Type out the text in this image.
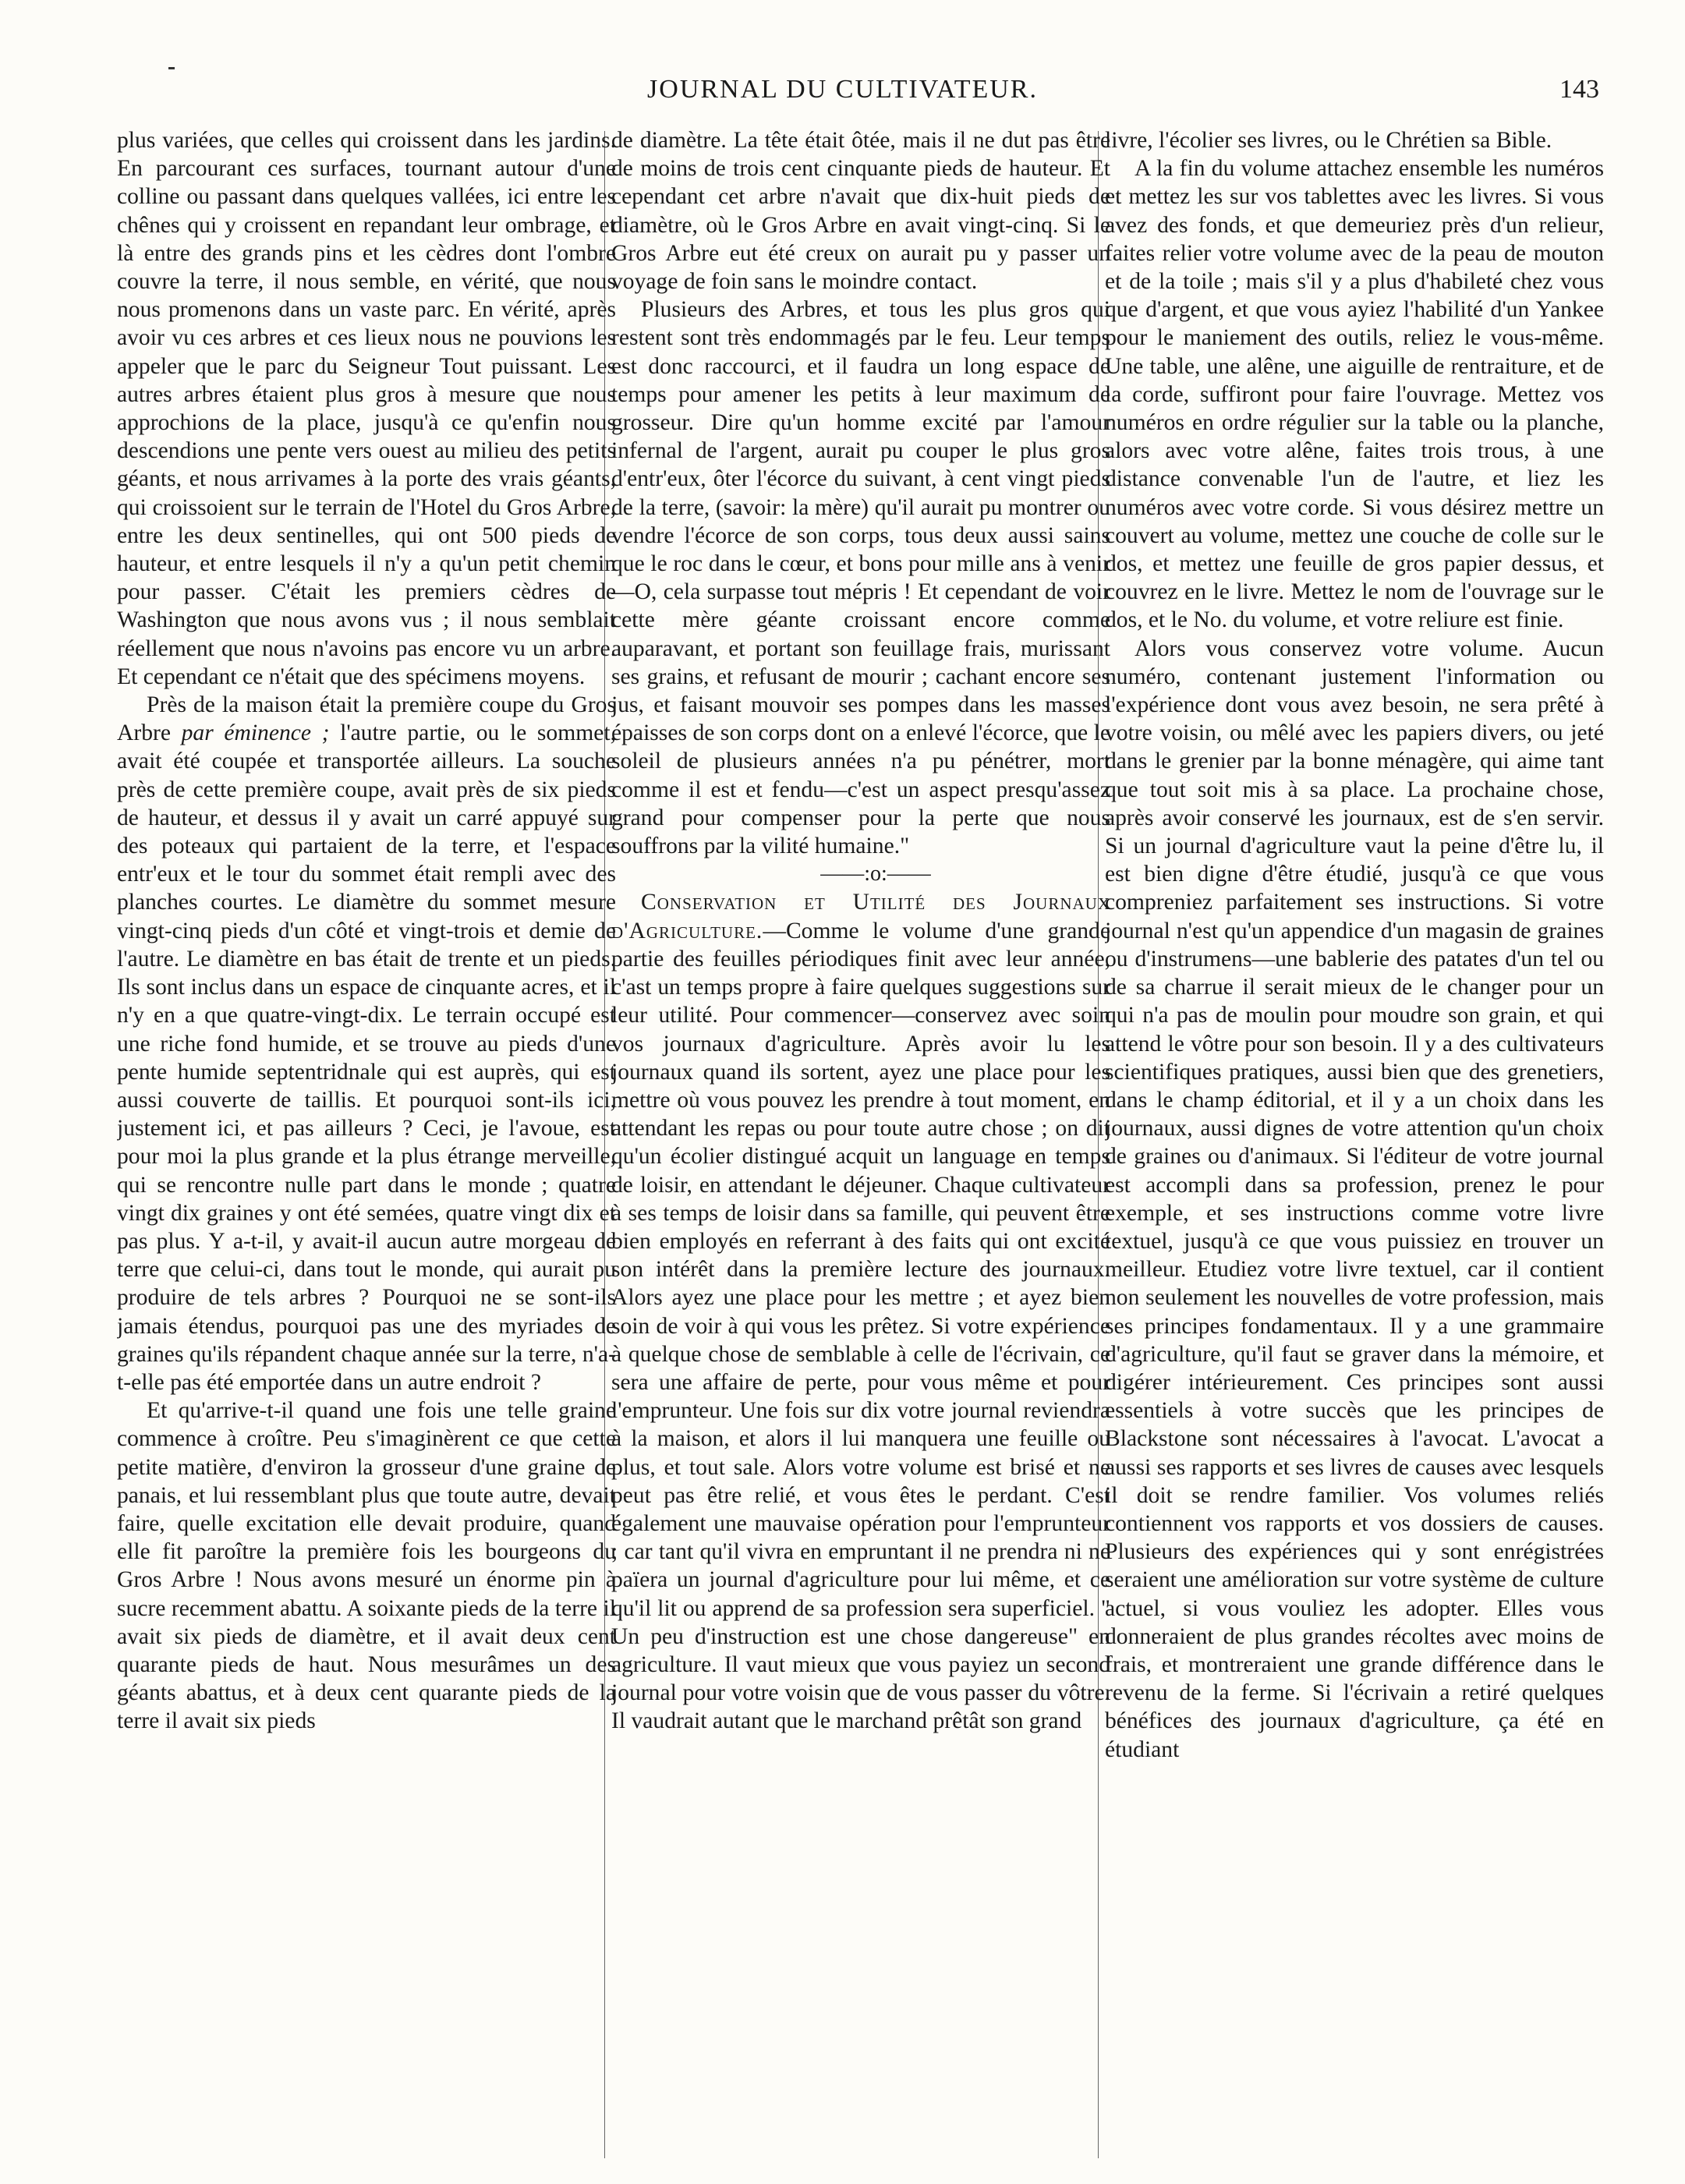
JOURNAL DU CULTIVATEUR.	143

plus variées, que celles qui croissent dans les jardins. En parcourant ces surfaces, tournant autour d'une colline ou passant dans quelques vallées, ici entre les chênes qui y croissent en repandant leur ombrage, et là entre des grands pins et les cèdres dont l'ombre couvre la terre, il nous semble, en vérité, que nous nous promenons dans un vaste parc. En vérité, après avoir vu ces arbres et ces lieux nous ne pouvions les appeler que le parc du Seigneur Tout puissant. Les autres arbres étaient plus gros à mesure que nous approchions de la place, jusqu'à ce qu'enfin nous descendions une pente vers ouest au milieu des petits géants, et nous arrivames à la porte des vrais géants, qui croissoient sur le terrain de l'Hotel du Gros Arbre, entre les deux sentinelles, qui ont 500 pieds de hauteur, et entre lesquels il n'y a qu'un petit chemin pour passer. C'était les premiers cèdres de Washington que nous avons vus ; il nous semblait réellement que nous n'avoins pas encore vu un arbre. Et cependant ce n'était que des spécimens moyens.

Près de la maison était la première coupe du Gros Arbre par éminence ; l'autre partie, ou le sommet, avait été coupée et transportée ailleurs. La souche près de cette première coupe, avait près de six pieds de hauteur, et dessus il y avait un carré appuyé sur des poteaux qui partaient de la terre, et l'espace entr'eux et le tour du sommet était rempli avec des planches courtes. Le diamètre du sommet mesure vingt-cinq pieds d'un côté et vingt-trois et demie de l'autre. Le diamètre en bas était de trente et un pieds. Ils sont inclus dans un espace de cinquante acres, et il n'y en a que quatre-vingt-dix. Le terrain occupé est une riche fond humide, et se trouve au pieds d'une pente humide septentridnale qui est auprès, qui est aussi couverte de taillis. Et pourquoi sont-ils ici, justement ici, et pas ailleurs ? Ceci, je l'avoue, est pour moi la plus grande et la plus étrange merveille, qui se rencontre nulle part dans le monde ; quatre vingt dix graines y ont été semées, quatre vingt dix et pas plus. Y a-t-il, y avait-il aucun autre morgeau de terre que celui-ci, dans tout le monde, qui aurait pu produire de tels arbres ? Pourquoi ne se sont-ils jamais étendus, pourquoi pas une des myriades de graines qu'ils répandent chaque année sur la terre, n'a-t-elle pas été emportée dans un autre endroit ?

Et qu'arrive-t-il quand une fois une telle graine commence à croître. Peu s'imaginèrent ce que cette petite matière, d'environ la grosseur d'une graine de panais, et lui ressemblant plus que toute autre, devait faire, quelle excitation elle devait produire, quand elle fit paroître la première fois les bourgeons du Gros Arbre ! Nous avons mesuré un énorme pin à sucre recemment abattu. A soixante pieds de la terre il avait six pieds de diamètre, et il avait deux cent quarante pieds de haut. Nous mesurâmes un des géants abattus, et à deux cent quarante pieds de la terre il avait six pieds

de diamètre. La tête était ôtée, mais il ne dut pas être de moins de trois cent cinquante pieds de hauteur. Et cependant cet arbre n'avait que dix-huit pieds de diamètre, où le Gros Arbre en avait vingt-cinq. Si le Gros Arbre eut été creux on aurait pu y passer un voyage de foin sans le moindre contact.

Plusieurs des Arbres, et tous les plus gros qui restent sont très endommagés par le feu. Leur temps est donc raccourci, et il faudra un long espace de temps pour amener les petits à leur maximum de grosseur. Dire qu'un homme excité par l'amour infernal de l'argent, aurait pu couper le plus gros d'entr'eux, ôter l'écorce du suivant, à cent vingt pieds de la terre, (savoir: la mère) qu'il aurait pu montrer ou vendre l'écorce de son corps, tous deux aussi sains que le roc dans le cœur, et bons pour mille ans à venir—O, cela surpasse tout mépris ! Et cependant de voir cette mère géante croissant encore comme auparavant, et portant son feuillage frais, murissant ses grains, et refusant de mourir ; cachant encore ses jus, et faisant mouvoir ses pompes dans les masses épaisses de son corps dont on a enlevé l'écorce, que le soleil de plusieurs années n'a pu pénétrer, mort comme il est et fendu—c'est un aspect presqu'assez grand pour compenser pour la perte que nous souffrons par la vilité humaine."

——:o:——

Conservation et Utilité des Journaux d'Agriculture.—Comme le volume d'une grande partie des feuilles périodiques finit avec leur année, c'ast un temps propre à faire quelques suggestions sur leur utilité. Pour commencer—conservez avec soin vos journaux d'agriculture. Après avoir lu les journaux quand ils sortent, ayez une place pour les mettre où vous pouvez les prendre à tout moment, en attendant les repas ou pour toute autre chose ; on dit qu'un écolier distingué acquit un language en temps de loisir, en attendant le déjeuner. Chaque cultivateur à ses temps de loisir dans sa famille, qui peuvent être bien employés en referrant à des faits qui ont excité son intérêt dans la première lecture des journaux. Alors ayez une place pour les mettre ; et ayez bien soin de voir à qui vous les prêtez. Si votre expérience à quelque chose de semblable à celle de l'écrivain, ce sera une affaire de perte, pour vous même et pour l'emprunteur. Une fois sur dix votre journal reviendra à la maison, et alors il lui manquera une feuille ou plus, et tout sale. Alors votre volume est brisé et ne peut pas être relié, et vous êtes le perdant. C'est également une mauvaise opération pour l'emprunteur ; car tant qu'il vivra en empruntant il ne prendra ni ne païera un journal d'agriculture pour lui même, et ce qu'il lit ou apprend de sa profession sera superficiel. " Un peu d'instruction est une chose dangereuse" en agriculture. Il vaut mieux que vous payiez un second journal pour votre voisin que de vous passer du vôtre. Il vaudrait autant que le marchand prêtât son grand

livre, l'écolier ses livres, ou le Chrétien sa Bible.

A la fin du volume attachez ensemble les numéros et mettez les sur vos tablettes avec les livres. Si vous avez des fonds, et que demeuriez près d'un relieur, faites relier votre volume avec de la peau de mouton et de la toile ; mais s'il y a plus d'habileté chez vous que d'argent, et que vous ayiez l'habilité d'un Yankee pour le maniement des outils, reliez le vous-même. Une table, une alêne, une aiguille de rentraiture, et de la corde, suffiront pour faire l'ouvrage. Mettez vos numéros en ordre régulier sur la table ou la planche, alors avec votre alêne, faites trois trous, à une distance convenable l'un de l'autre, et liez les numéros avec votre corde. Si vous désirez mettre un couvert au volume, mettez une couche de colle sur le dos, et mettez une feuille de gros papier dessus, et couvrez en le livre. Mettez le nom de l'ouvrage sur le dos, et le No. du volume, et votre reliure est finie.

Alors vous conservez votre volume. Aucun numéro, contenant justement l'information ou l'expérience dont vous avez besoin, ne sera prêté à votre voisin, ou mêlé avec les papiers divers, ou jeté dans le grenier par la bonne ménagère, qui aime tant que tout soit mis à sa place. La prochaine chose, après avoir conservé les journaux, est de s'en servir. Si un journal d'agriculture vaut la peine d'être lu, il est bien digne d'être étudié, jusqu'à ce que vous compreniez parfaitement ses instructions. Si votre journal n'est qu'un appendice d'un magasin de graines ou d'instrumens—une bablerie des patates d'un tel ou de sa charrue il serait mieux de le changer pour un qui n'a pas de moulin pour moudre son grain, et qui attend le vôtre pour son besoin. Il y a des cultivateurs scientifiques pratiques, aussi bien que des grenetiers, dans le champ éditorial, et il y a un choix dans les journaux, aussi dignes de votre attention qu'un choix de graines ou d'animaux. Si l'éditeur de votre journal est accompli dans sa profession, prenez le pour exemple, et ses instructions comme votre livre textuel, jusqu'à ce que vous puissiez en trouver un meilleur. Etudiez votre livre textuel, car il contient non seulement les nouvelles de votre profession, mais ses principes fondamentaux. Il y a une grammaire d'agriculture, qu'il faut se graver dans la mémoire, et digérer intérieurement. Ces principes sont aussi essentiels à votre succès que les principes de Blackstone sont nécessaires à l'avocat. L'avocat a aussi ses rapports et ses livres de causes avec lesquels il doit se rendre familier. Vos volumes reliés contiennent vos rapports et vos dossiers de causes. Plusieurs des expériences qui y sont enrégistrées seraient une amélioration sur votre système de culture actuel, si vous vouliez les adopter. Elles vous donneraient de plus grandes récoltes avec moins de frais, et montreraient une grande différence dans le revenu de la ferme. Si l'écrivain a retiré quelques bénéfices des journaux d'agriculture, ça été en étudiant
